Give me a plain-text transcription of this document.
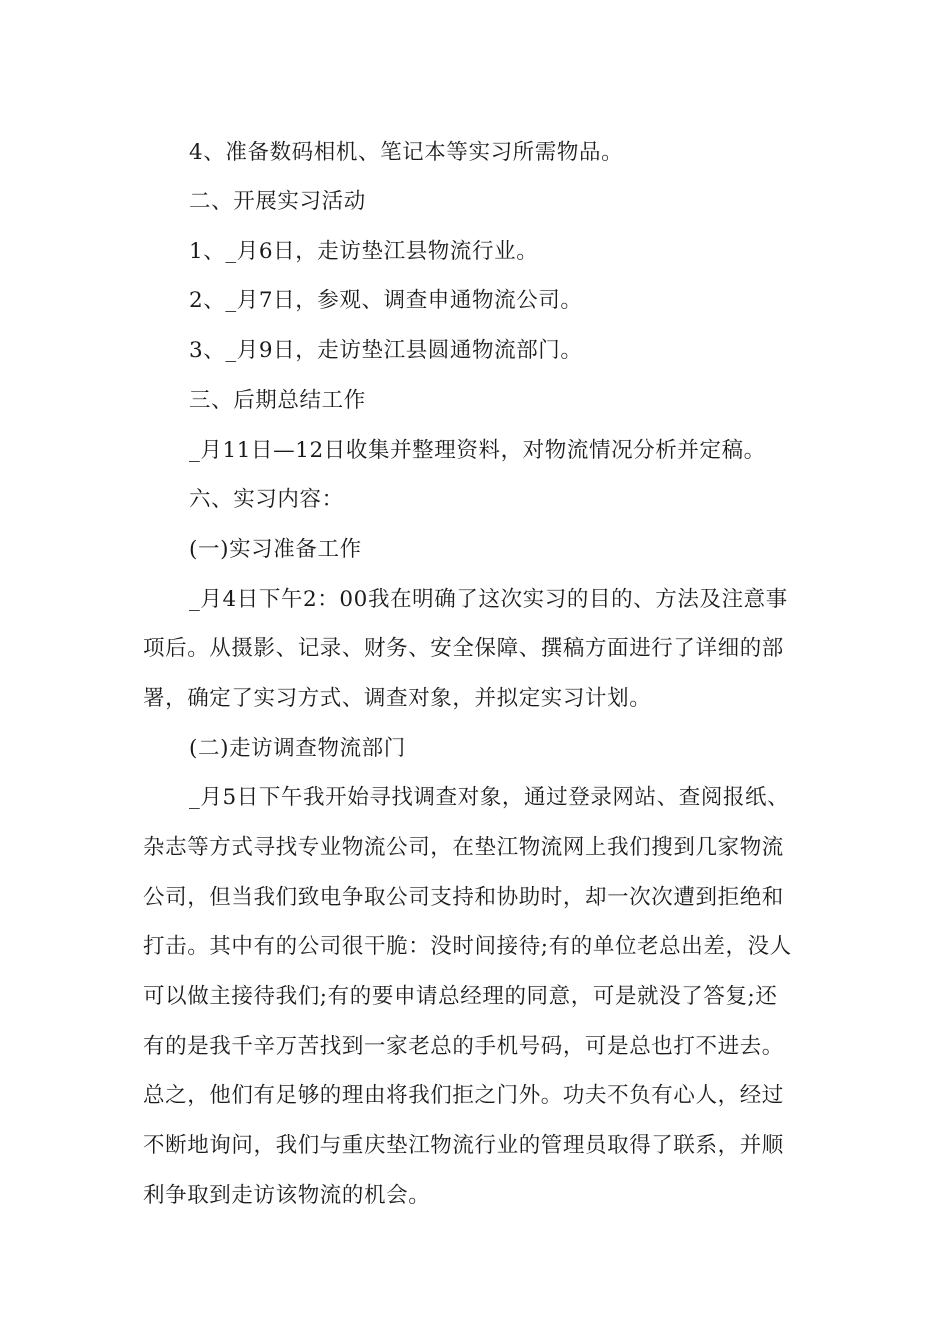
4、准备数码相机、笔记本等实习所需物品。
二、开展实习活动
1、_月6日，走访垫江县物流行业。
2、_月7日，参观、调查申通物流公司。
3、_月9日，走访垫江县圆通物流部门。
三、后期总结工作
_月11日—12日收集并整理资料，对物流情况分析并定稿。
六、实习内容：
(一)实习准备工作
_月4日下午2：00我在明确了这次实习的目的、方法及注意事
项后。从摄影、记录、财务、安全保障、撰稿方面进行了详细的部
署，确定了实习方式、调查对象，并拟定实习计划。
(二)走访调查物流部门
_月5日下午我开始寻找调查对象，通过登录网站、查阅报纸、
杂志等方式寻找专业物流公司，在垫江物流网上我们搜到几家物流
公司，但当我们致电争取公司支持和协助时，却一次次遭到拒绝和
打击。其中有的公司很干脆：没时间接待;有的单位老总出差，没人
可以做主接待我们;有的要申请总经理的同意，可是就没了答复;还
有的是我千辛万苦找到一家老总的手机号码，可是总也打不进去。
总之，他们有足够的理由将我们拒之门外。功夫不负有心人，经过
不断地询问，我们与重庆垫江物流行业的管理员取得了联系，并顺
利争取到走访该物流的机会。
